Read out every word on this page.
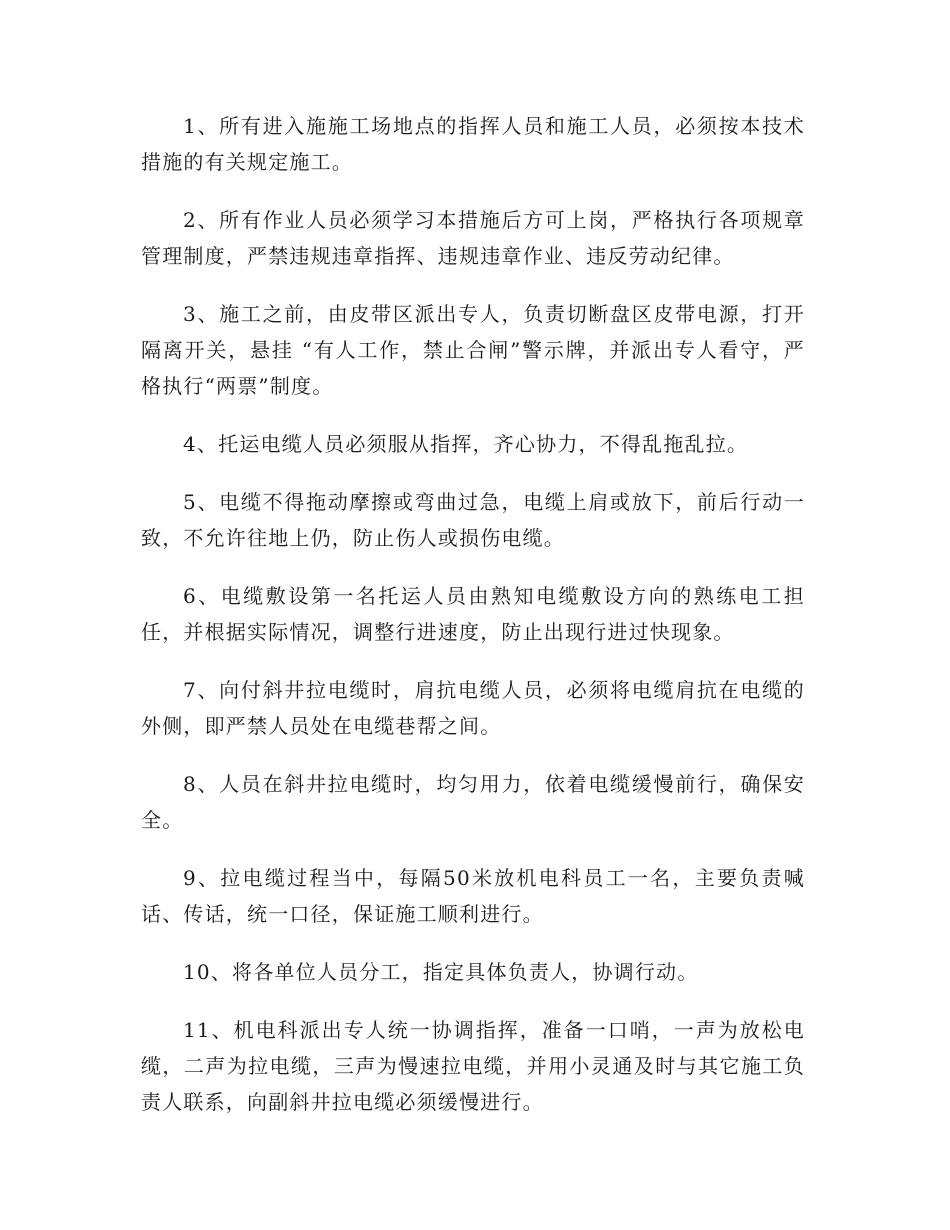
1、所有进入施施工场地点的指挥人员和施工人员，必须按本技术措施的有关规定施工。

2、所有作业人员必须学习本措施后方可上岗，严格执行各项规章管理制度，严禁违规违章指挥、违规违章作业、违反劳动纪律。

3、施工之前，由皮带区派出专人，负责切断盘区皮带电源，打开隔离开关，悬挂 “有人工作，禁止合闸”警示牌，并派出专人看守，严格执行“两票”制度。

4、托运电缆人员必须服从指挥，齐心协力，不得乱拖乱拉。

5、电缆不得拖动摩擦或弯曲过急，电缆上肩或放下，前后行动一致，不允许往地上仍，防止伤人或损伤电缆。

6、电缆敷设第一名托运人员由熟知电缆敷设方向的熟练电工担任，并根据实际情况，调整行进速度，防止出现行进过快现象。

7、向付斜井拉电缆时，肩抗电缆人员，必须将电缆肩抗在电缆的外侧，即严禁人员处在电缆巷帮之间。

8、人员在斜井拉电缆时，均匀用力，依着电缆缓慢前行，确保安全。

9、拉电缆过程当中，每隔50米放机电科员工一名，主要负责喊话、传话，统一口径，保证施工顺利进行。

10、将各单位人员分工，指定具体负责人，协调行动。

11、机电科派出专人统一协调指挥，准备一口哨，一声为放松电缆，二声为拉电缆，三声为慢速拉电缆，并用小灵通及时与其它施工负责人联系，向副斜井拉电缆必须缓慢进行。
